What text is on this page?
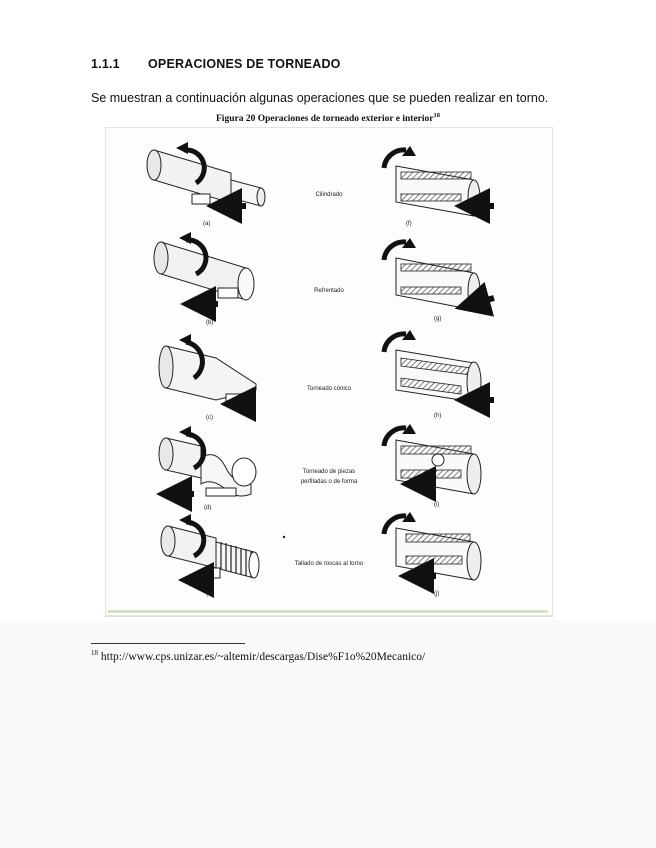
1.1.1 OPERACIONES DE TORNEADO
Se muestran a continuación algunas operaciones que se pueden realizar en torno.
Figura 20 Operaciones de torneado exterior e interior$^{18}$
(a)
Cilindrado
(f)
(b)
Refrentado
(g)
(c)
Torneado cónico
(h)
(d)
Torneado de piezas
perfiladas o de forma
(i)
(e)
Tallado de roscas al torno
(j)
$^{18}$ http://www.cps.unizar.es/~altemir/descargas/Dise%F1o%20Mecanico/
